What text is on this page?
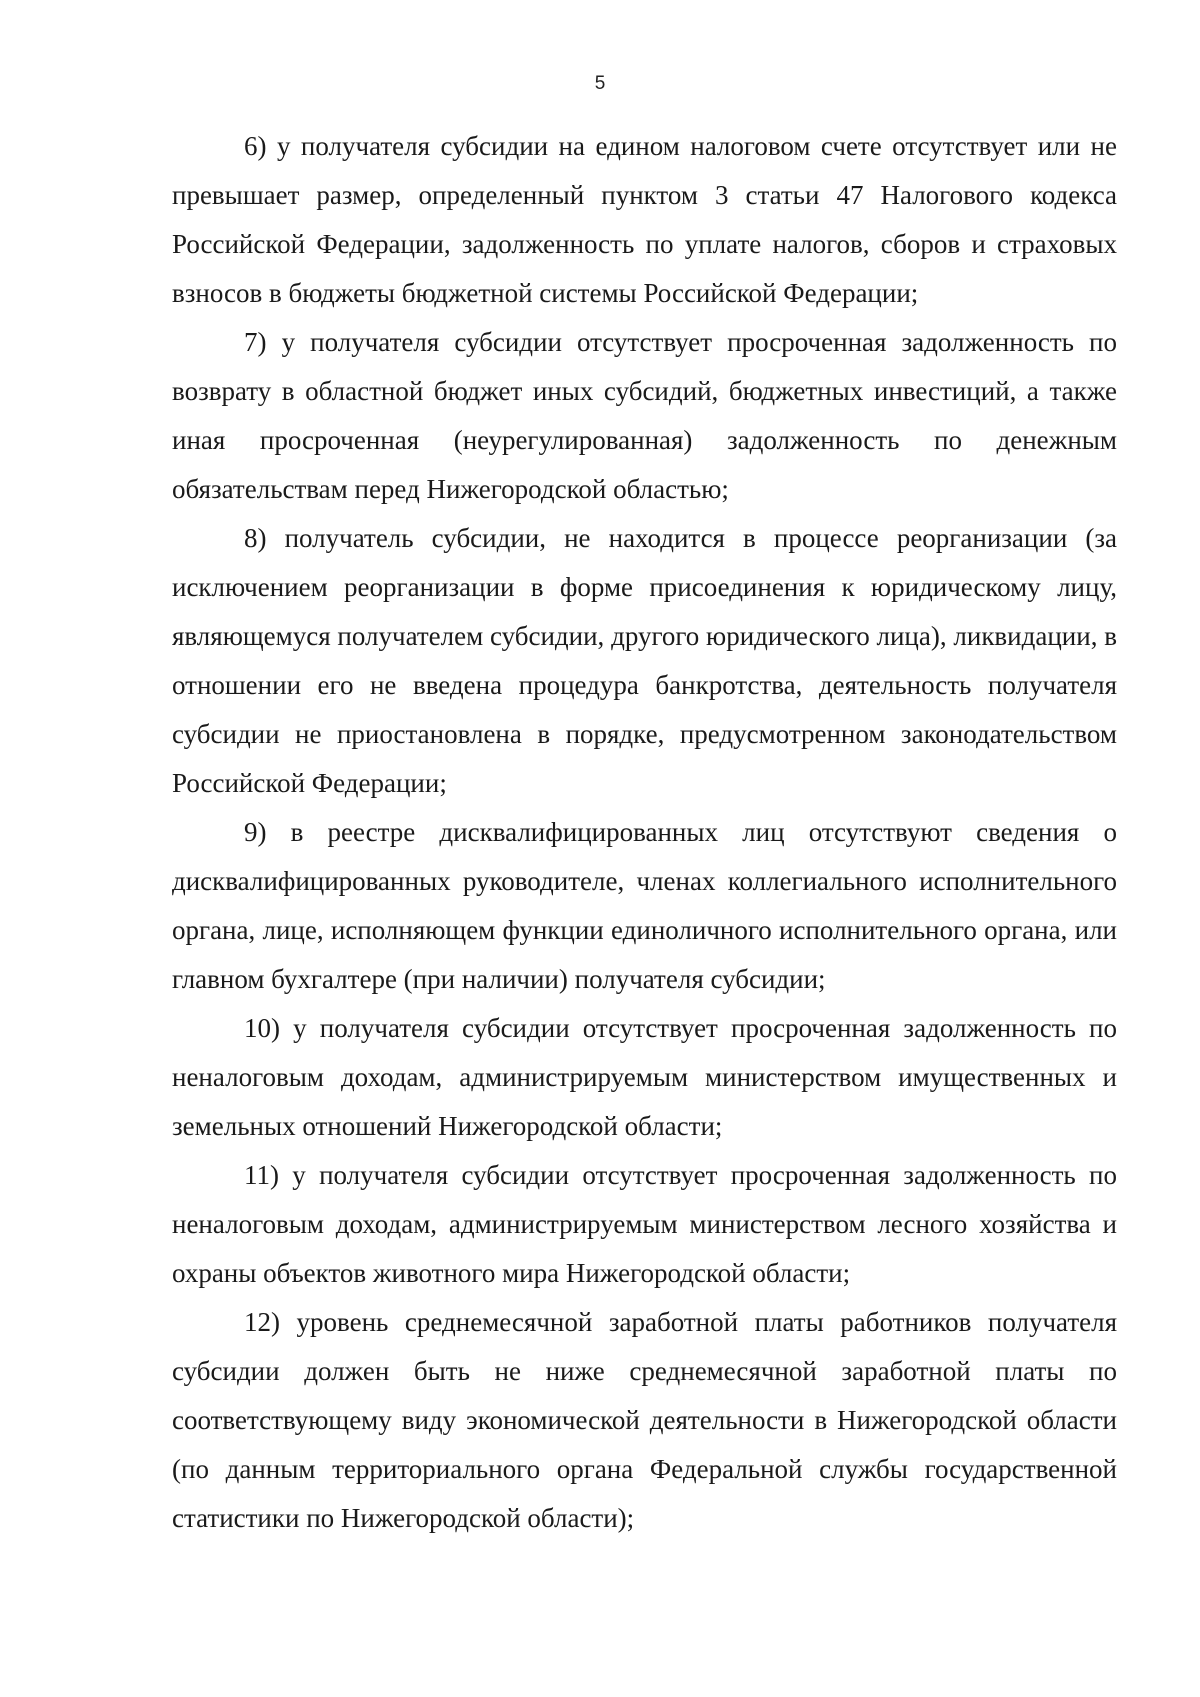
5

6) у получателя субсидии на едином налоговом счете отсутствует или не превышает размер, определенный пунктом 3 статьи 47 Налогового кодекса Российской Федерации, задолженность по уплате налогов, сборов и страховых взносов в бюджеты бюджетной системы Российской Федерации;

7) у получателя субсидии отсутствует просроченная задолженность по возврату в областной бюджет иных субсидий, бюджетных инвестиций, а также иная просроченная (неурегулированная) задолженность по денежным обязательствам перед Нижегородской областью;

8) получатель субсидии, не находится в процессе реорганизации (за исключением реорганизации в форме присоединения к юридическому лицу, являющемуся получателем субсидии, другого юридического лица), ликвидации, в отношении его не введена процедура банкротства, деятельность получателя субсидии не приостановлена в порядке, предусмотренном законодательством Российской Федерации;

9) в реестре дисквалифицированных лиц отсутствуют сведения о дисквалифицированных руководителе, членах коллегиального исполнительного органа, лице, исполняющем функции единоличного исполнительного органа, или главном бухгалтере (при наличии) получателя субсидии;

10) у получателя субсидии отсутствует просроченная задолженность по неналоговым доходам, администрируемым министерством имущественных и земельных отношений Нижегородской области;

11) у получателя субсидии отсутствует просроченная задолженность по неналоговым доходам, администрируемым министерством лесного хозяйства и охраны объектов животного мира Нижегородской области;

12) уровень среднемесячной заработной платы работников получателя субсидии должен быть не ниже среднемесячной заработной платы по соответствующему виду экономической деятельности в Нижегородской области (по данным территориального органа Федеральной службы государственной статистики по Нижегородской области);
